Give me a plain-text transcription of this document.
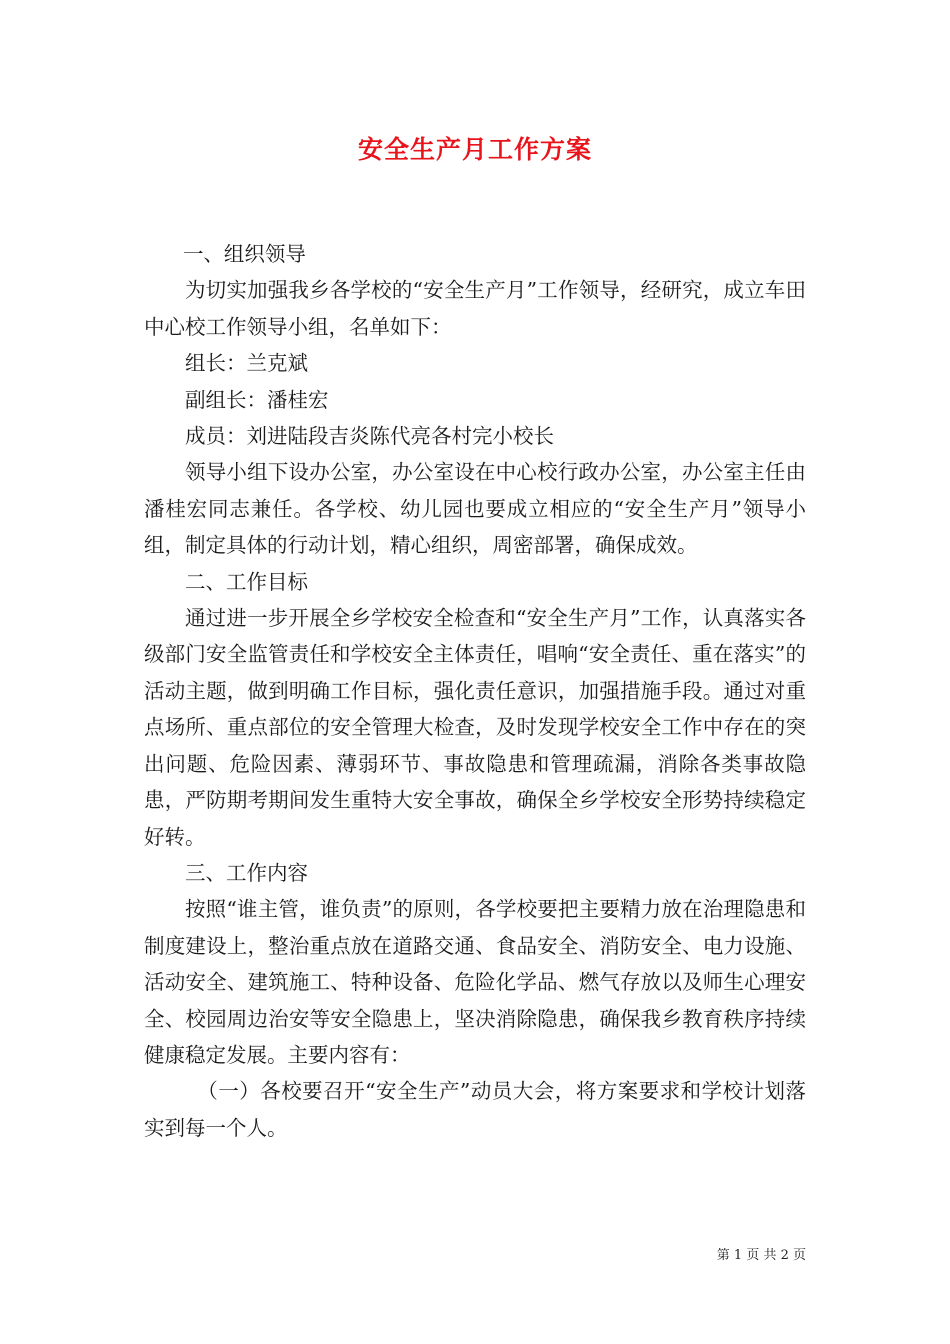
安全生产月工作方案

一、组织领导

为切实加强我乡各学校的“安全生产月”工作领导，经研究，成立车田中心校工作领导小组，名单如下：

组长：兰克斌

副组长：潘桂宏

成员：刘进陆段吉炎陈代亮各村完小校长

领导小组下设办公室，办公室设在中心校行政办公室，办公室主任由潘桂宏同志兼任。各学校、幼儿园也要成立相应的“安全生产月”领导小组，制定具体的行动计划，精心组织，周密部署，确保成效。

二、工作目标

通过进一步开展全乡学校安全检查和“安全生产月”工作，认真落实各级部门安全监管责任和学校安全主体责任，唱响“安全责任、重在落实”的活动主题，做到明确工作目标，强化责任意识，加强措施手段。通过对重点场所、重点部位的安全管理大检查，及时发现学校安全工作中存在的突出问题、危险因素、薄弱环节、事故隐患和管理疏漏，消除各类事故隐患，严防期考期间发生重特大安全事故，确保全乡学校安全形势持续稳定好转。

三、工作内容

按照“谁主管，谁负责”的原则，各学校要把主要精力放在治理隐患和制度建设上，整治重点放在道路交通、食品安全、消防安全、电力设施、活动安全、建筑施工、特种设备、危险化学品、燃气存放以及师生心理安全、校园周边治安等安全隐患上，坚决消除隐患，确保我乡教育秩序持续健康稳定发展。主要内容有：

（一）各校要召开“安全生产”动员大会，将方案要求和学校计划落实到每一个人。

第 1 页 共 2 页
